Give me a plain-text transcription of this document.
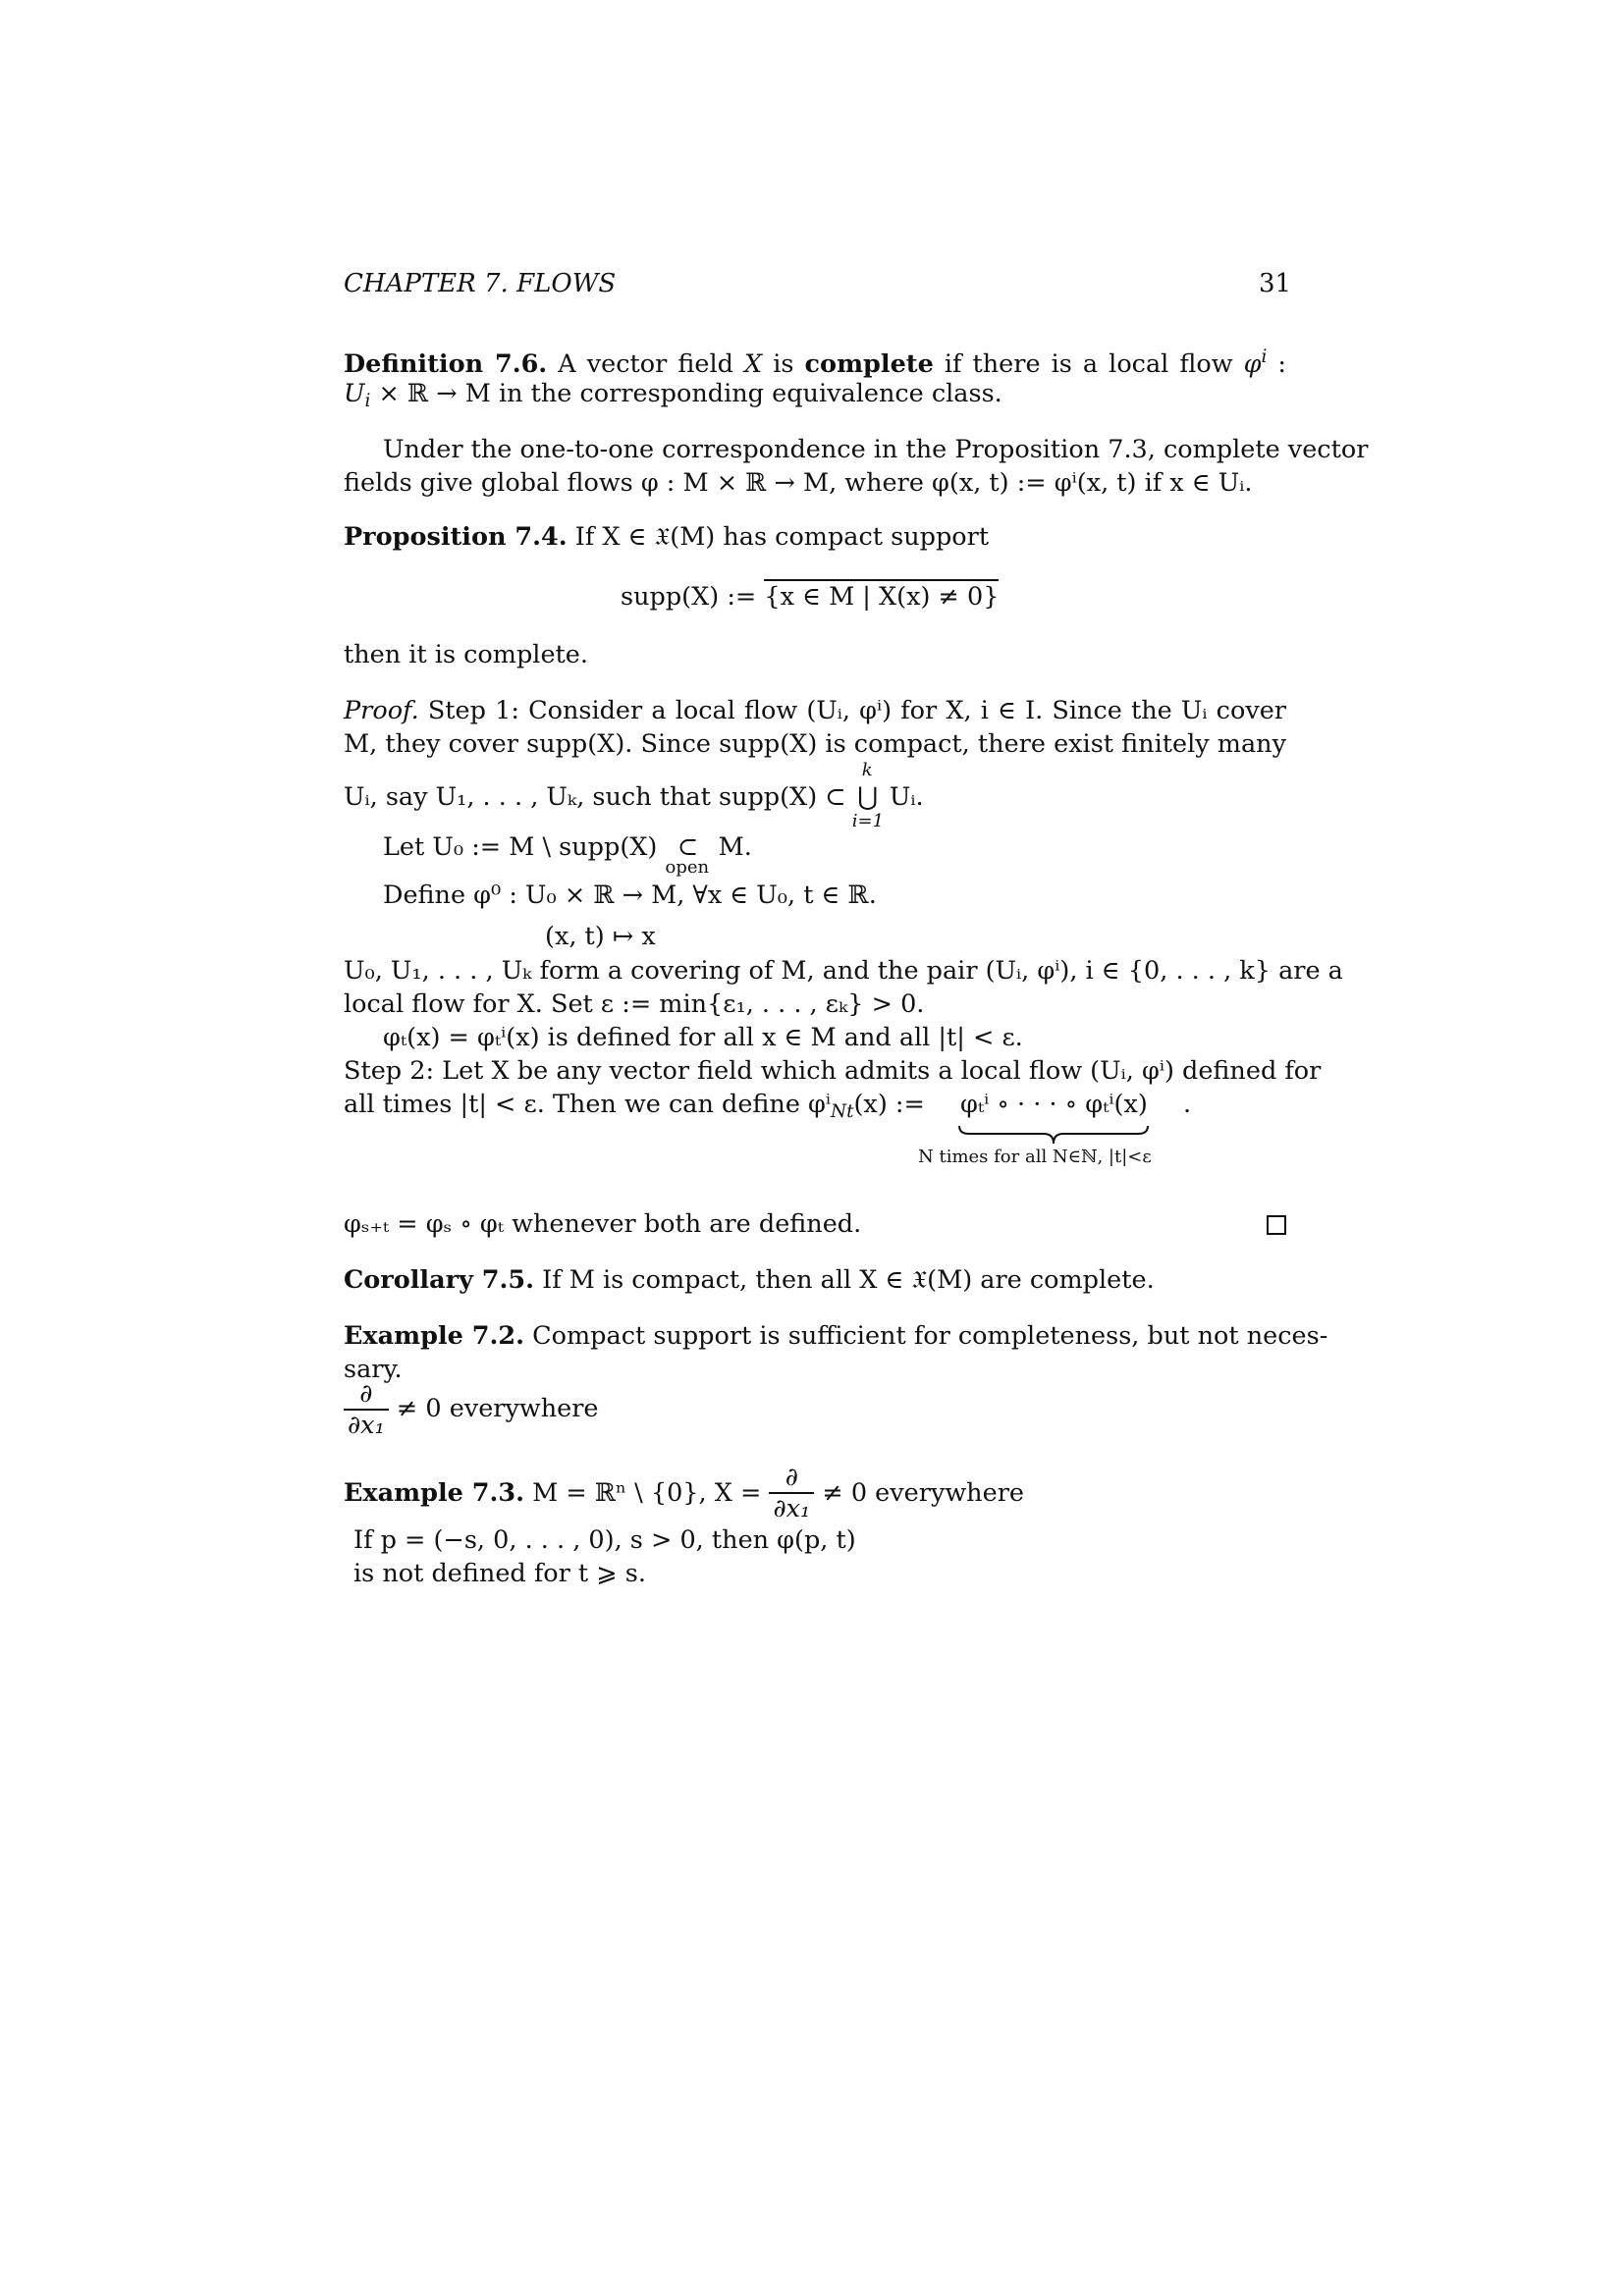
CHAPTER 7. FLOWS	31
Definition 7.6. A vector field X is complete if there is a local flow $\varphi^i$ :
$U_i$ × ℝ → M in the corresponding equivalence class.
Under the one-to-one correspondence in the Proposition 7.3, complete vector
fields give global flows φ : M × ℝ → M, where φ(x, t) := φⁱ(x, t) if x ∈ Uᵢ.
Proposition 7.4. If X ∈ 𝔛(M) has compact support
supp(X) := {x ∈ M | X(x) ≠ 0}
then it is complete.
Proof. Step 1: Consider a local flow (Uᵢ, φⁱ) for X, i ∈ I. Since the Uᵢ cover
M, they cover supp(X). Since supp(X) is compact, there exist finitely many
Uᵢ, say U₁, . . . , Uₖ, such that supp(X) ⊂
k
⋃
i=1
Uᵢ.
Let U₀ := M \ supp(X) ⊂
open
M.
Define φ⁰ : U₀ × ℝ → M, ∀x ∈ U₀, t ∈ ℝ.
(x, t) ↦ x
U₀, U₁, . . . , Uₖ form a covering of M, and the pair (Uᵢ, φⁱ), i ∈ {0, . . . , k} are a
local flow for X. Set ε := min{ε₁, . . . , εₖ} > 0.
φₜ(x) = φₜⁱ(x) is defined for all x ∈ M and all |t| < ε.
Step 2: Let X be any vector field which admits a local flow (Uᵢ, φⁱ) defined for
all times |t| < ε. Then we can define φⁱ$_{Nt}$(x) := φₜⁱ ∘ · · · ∘ φₜⁱ(x) .
N times for all N∈ℕ, |t|<ε
φₛ₊ₜ = φₛ ∘ φₜ whenever both are defined.
Corollary 7.5. If M is compact, then all X ∈ 𝔛(M) are complete.
Example 7.2. Compact support is sufficient for completeness, but not neces-
sary.
$\frac{\partial}{\text{∂x₁}} \ne 0$ everywhere
Example 7.3. M = ℝⁿ \ {0}, $X = \frac{\partial}{\text{∂x₁}} \ne 0$ everywhere
If p = (−s, 0, . . . , 0), s > 0, then φ(p, t)
is not defined for t ⩾ s.
